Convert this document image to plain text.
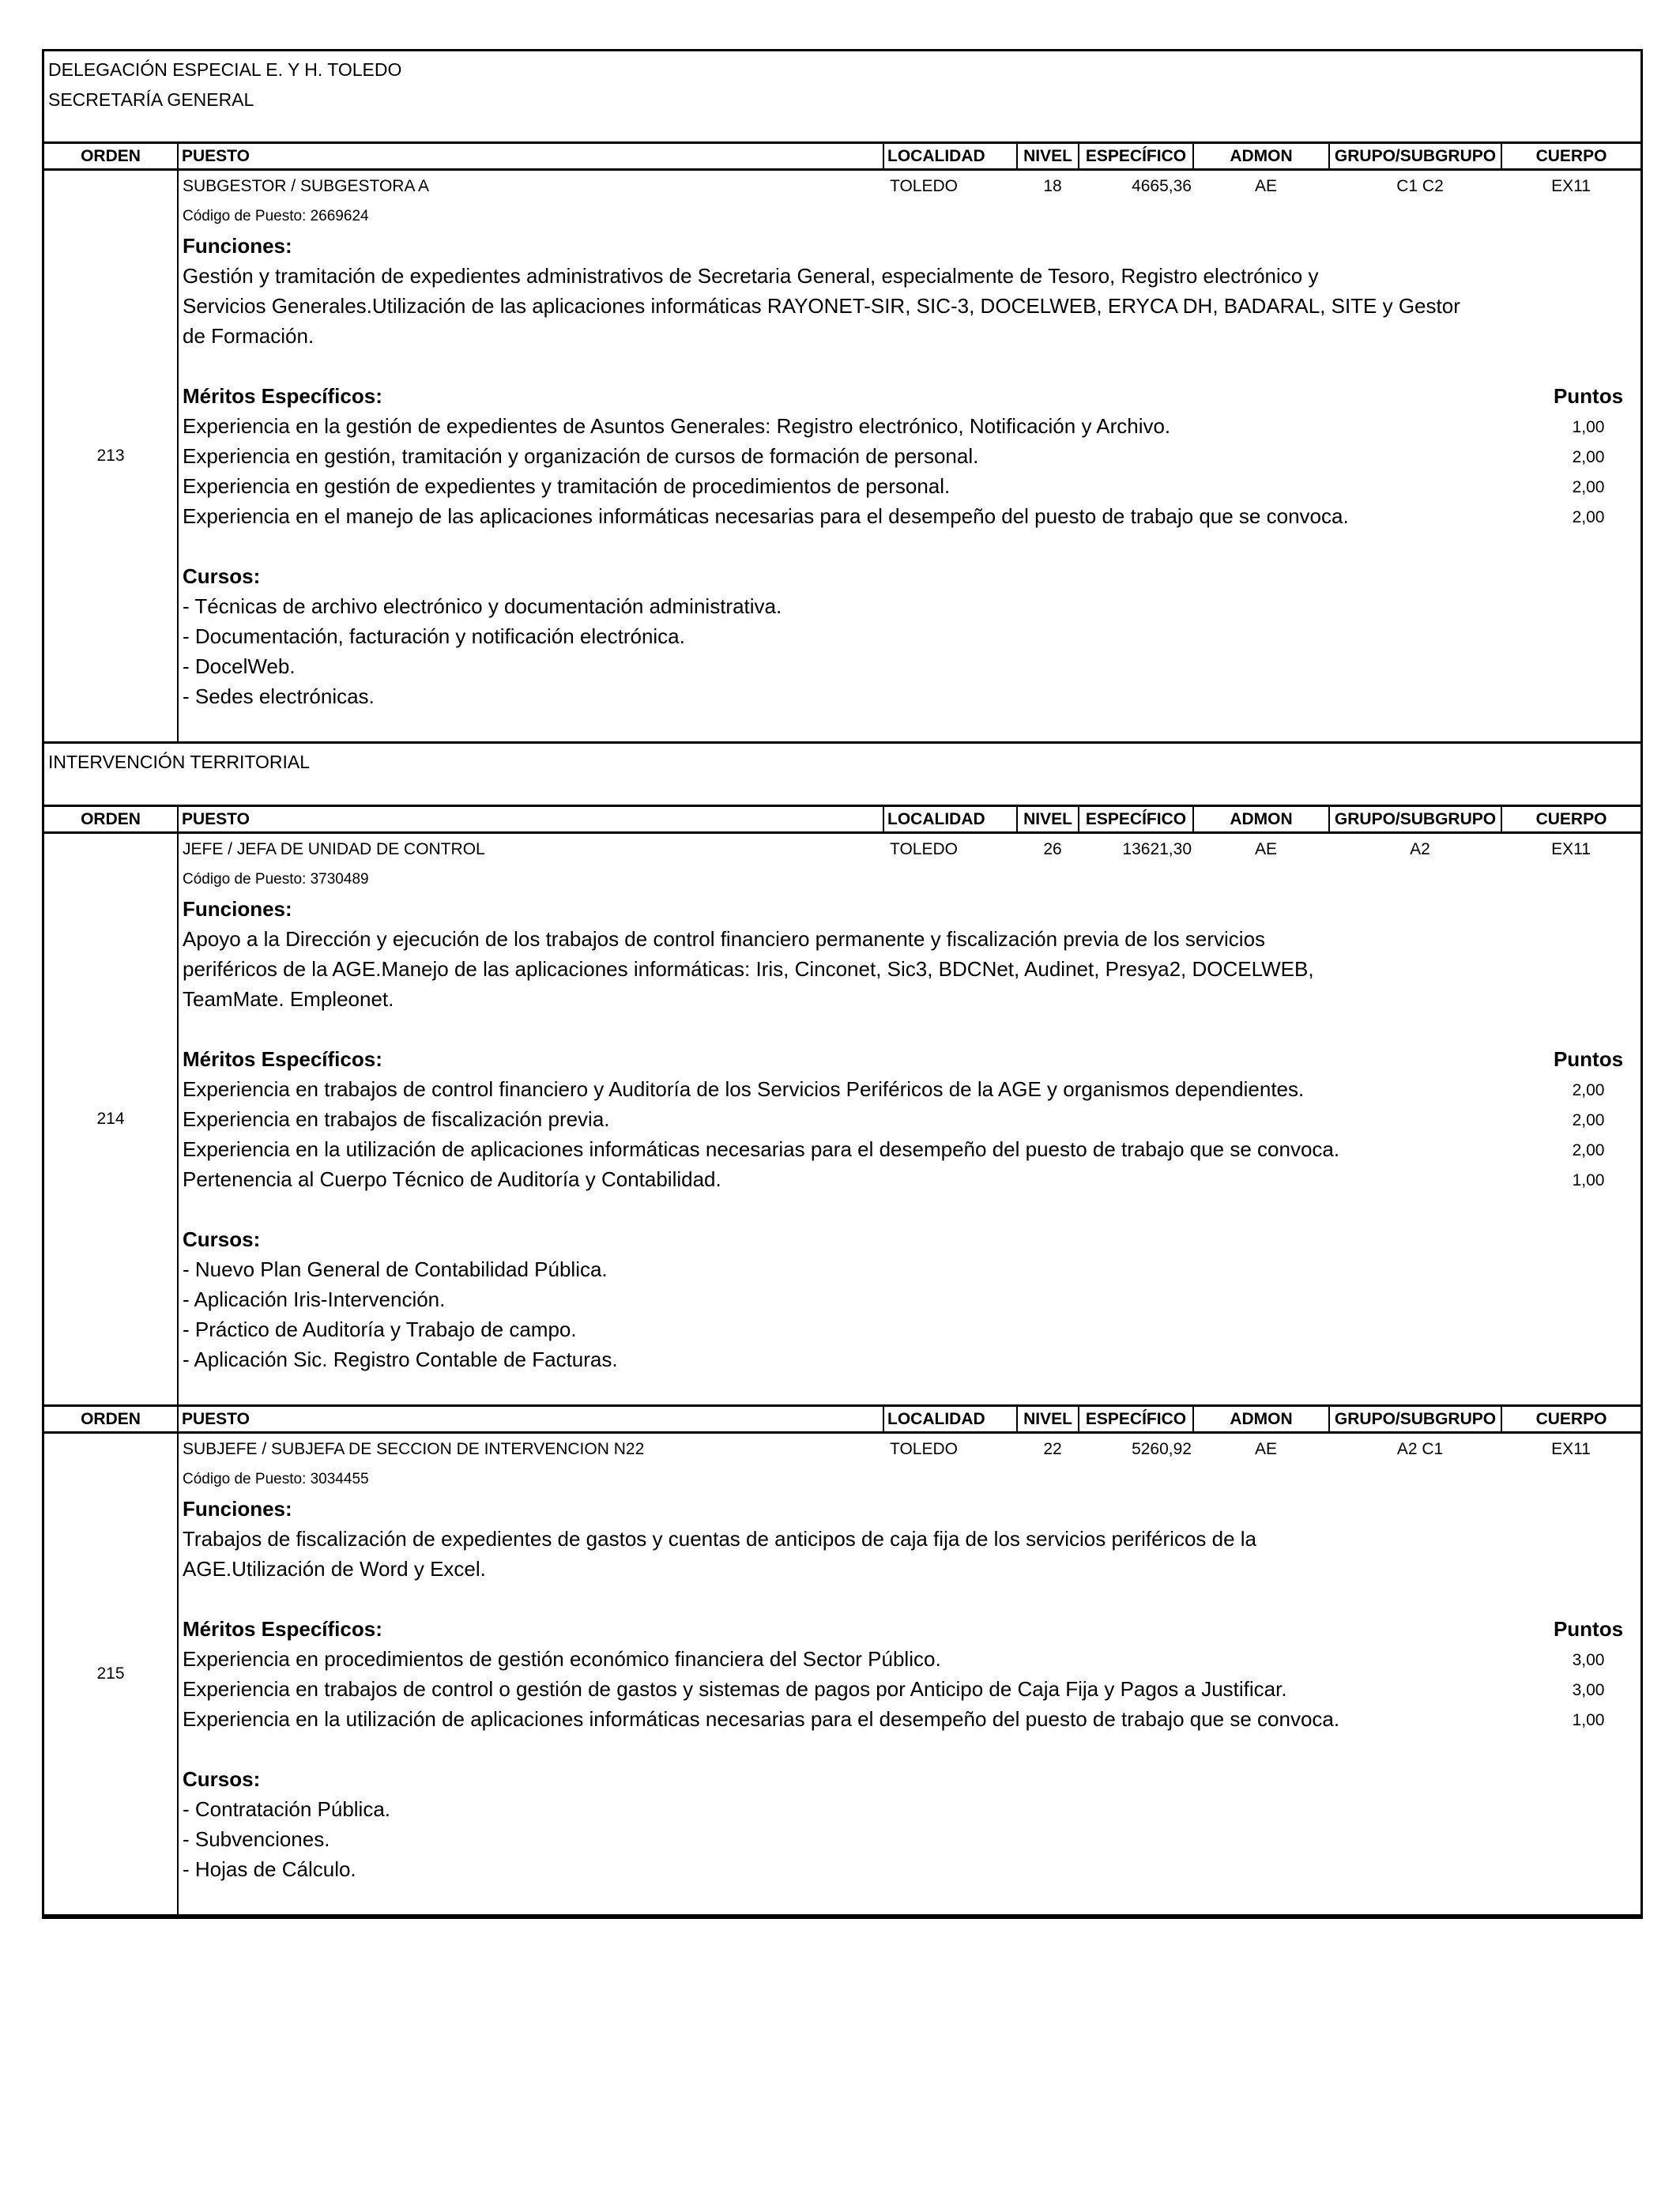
DELEGACIÓN ESPECIAL E. Y H. TOLEDO
SECRETARÍA GENERAL
ORDEN	PUESTO	LOCALIDAD	NIVEL ESPECÍFICO	ADMON	GRUPO/SUBGRUPO	CUERPO
213
SUBGESTOR / SUBGESTORA A	TOLEDO	18	4665,36	AE	C1 C2	EX11
Código de Puesto: 2669624
Funciones:
Gestión y tramitación de expedientes administrativos de Secretaria General, especialmente de Tesoro, Registro electrónico y
Servicios Generales.Utilización de las aplicaciones informáticas RAYONET-SIR, SIC-3, DOCELWEB, ERYCA DH, BADARAL, SITE y Gestor
de Formación.
Méritos Específicos:	Puntos
Experiencia en la gestión de expedientes de Asuntos Generales: Registro electrónico, Notificación y Archivo.	1,00
Experiencia en gestión, tramitación y organización de cursos de formación de personal.	2,00
Experiencia en gestión de expedientes y tramitación de procedimientos de personal.	2,00
Experiencia en el manejo de las aplicaciones informáticas necesarias para el desempeño del puesto de trabajo que se convoca.	2,00
Cursos:
- Técnicas de archivo electrónico y documentación administrativa.
- Documentación, facturación y notificación electrónica.
- DocelWeb.
- Sedes electrónicas.
INTERVENCIÓN TERRITORIAL
ORDEN	PUESTO	LOCALIDAD	NIVEL ESPECÍFICO	ADMON	GRUPO/SUBGRUPO	CUERPO
214
JEFE / JEFA DE UNIDAD DE CONTROL	TOLEDO	26	13621,30	AE	A2	EX11
Código de Puesto: 3730489
Funciones:
Apoyo a la Dirección y ejecución de los trabajos de control financiero permanente y fiscalización previa de los servicios
periféricos de la AGE.Manejo de las aplicaciones informáticas: Iris, Cinconet, Sic3, BDCNet, Audinet, Presya2, DOCELWEB,
TeamMate. Empleonet.
Méritos Específicos:	Puntos
Experiencia en trabajos de control financiero y Auditoría de los Servicios Periféricos de la AGE y organismos dependientes.	2,00
Experiencia en trabajos de fiscalización previa.	2,00
Experiencia en la utilización de aplicaciones informáticas necesarias para el desempeño del puesto de trabajo que se convoca.	2,00
Pertenencia al Cuerpo Técnico de Auditoría y Contabilidad.	1,00
Cursos:
- Nuevo Plan General de Contabilidad Pública.
- Aplicación Iris-Intervención.
- Práctico de Auditoría y Trabajo de campo.
- Aplicación Sic. Registro Contable de Facturas.
ORDEN	PUESTO	LOCALIDAD	NIVEL ESPECÍFICO	ADMON	GRUPO/SUBGRUPO	CUERPO
215
SUBJEFE / SUBJEFA DE SECCION DE INTERVENCION N22	TOLEDO	22	5260,92	AE	A2 C1	EX11
Código de Puesto: 3034455
Funciones:
Trabajos de fiscalización de expedientes de gastos y cuentas de anticipos de caja fija de los servicios periféricos de la
AGE.Utilización de Word y Excel.
Méritos Específicos:	Puntos
Experiencia en procedimientos de gestión económico financiera del Sector Público.	3,00
Experiencia en trabajos de control o gestión de gastos y sistemas de pagos por Anticipo de Caja Fija y Pagos a Justificar.	3,00
Experiencia en la utilización de aplicaciones informáticas necesarias para el desempeño del puesto de trabajo que se convoca.	1,00
Cursos:
- Contratación Pública.
- Subvenciones.
- Hojas de Cálculo.
